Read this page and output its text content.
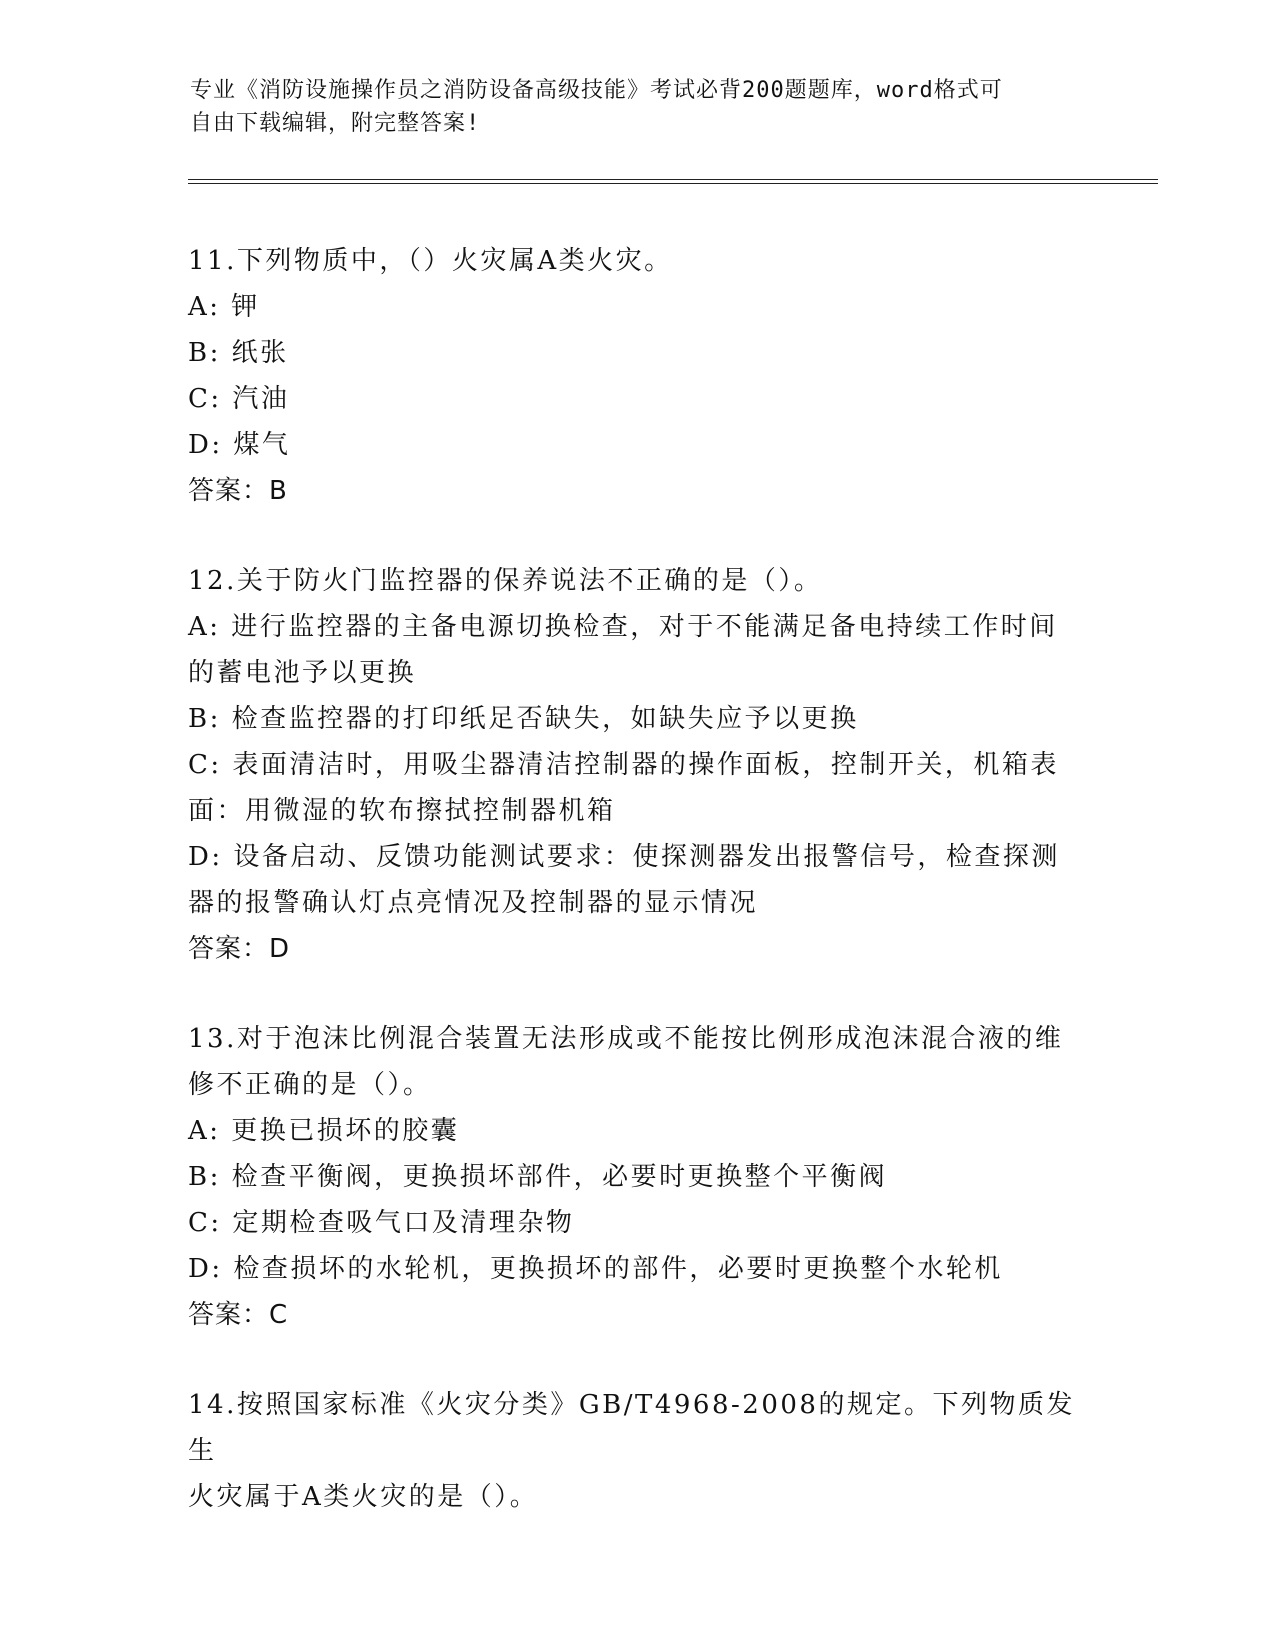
专业《消防设施操作员之消防设备高级技能》考试必背200题题库，word格式可
自由下载编辑，附完整答案!
11.下列物质中，（）火灾属A类火灾。
A: 钾
B: 纸张
C: 汽油
D: 煤气
答案：B
12.关于防火门监控器的保养说法不正确的是（）。
A: 进行监控器的主备电源切换检查，对于不能满足备电持续工作时间
的蓄电池予以更换
B: 检查监控器的打印纸足否缺失，如缺失应予以更换
C: 表面清洁时，用吸尘器清洁控制器的操作面板，控制开关，机箱表
面：用微湿的软布擦拭控制器机箱
D: 设备启动、反馈功能测试要求：使探测器发出报警信号，检查探测
器的报警确认灯点亮情况及控制器的显示情况
答案：D
13.对于泡沫比例混合装置无法形成或不能按比例形成泡沫混合液的维
修不正确的是（）。
A: 更换已损坏的胶囊
B: 检查平衡阀，更换损坏部件，必要时更换整个平衡阀
C: 定期检查吸气口及清理杂物
D: 检查损坏的水轮机，更换损坏的部件，必要时更换整个水轮机
答案：C
14.按照国家标准《火灾分类》GB/T4968-2008的规定。下列物质发生
火灾属于A类火灾的是（）。
